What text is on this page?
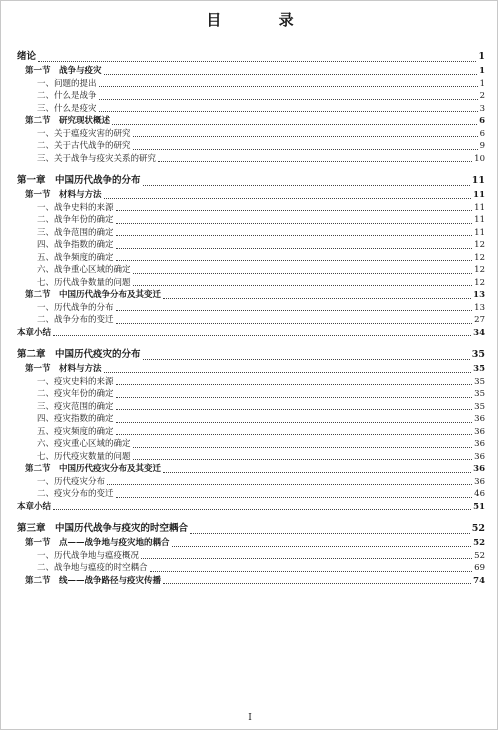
目 录
绪论	1
第一节　战争与疫灾	1
一、问题的提出	1
二、什么是战争	2
三、什么是疫灾	3
第二节　研究现状概述	6
一、关于瘟疫灾害的研究	6
二、关于古代战争的研究	9
三、关于战争与疫灾关系的研究	10
第一章　中国历代战争的分布	11
第一节　材料与方法	11
一、战争史料的来源	11
二、战争年份的确定	11
三、战争范围的确定	11
四、战争指数的确定	12
五、战争频度的确定	12
六、战争重心区域的确定	12
七、历代战争数量的问题	12
第二节　中国历代战争分布及其变迁	13
一、历代战争的分布	13
二、战争分布的变迁	27
本章小结	34
第二章　中国历代疫灾的分布	35
第一节　材料与方法	35
一、疫灾史料的来源	35
二、疫灾年份的确定	35
三、疫灾范围的确定	35
四、疫灾指数的确定	36
五、疫灾频度的确定	36
六、疫灾重心区域的确定	36
七、历代疫灾数量的问题	36
第二节　中国历代疫灾分布及其变迁	36
一、历代疫灾分布	36
二、疫灾分布的变迁	46
本章小结	51
第三章　中国历代战争与疫灾的时空耦合	52
第一节　点——战争地与疫灾地的耦合	52
一、历代战争地与瘟疫概况	52
二、战争地与瘟疫的时空耦合	69
第二节　线——战争路径与疫灾传播	74
I
